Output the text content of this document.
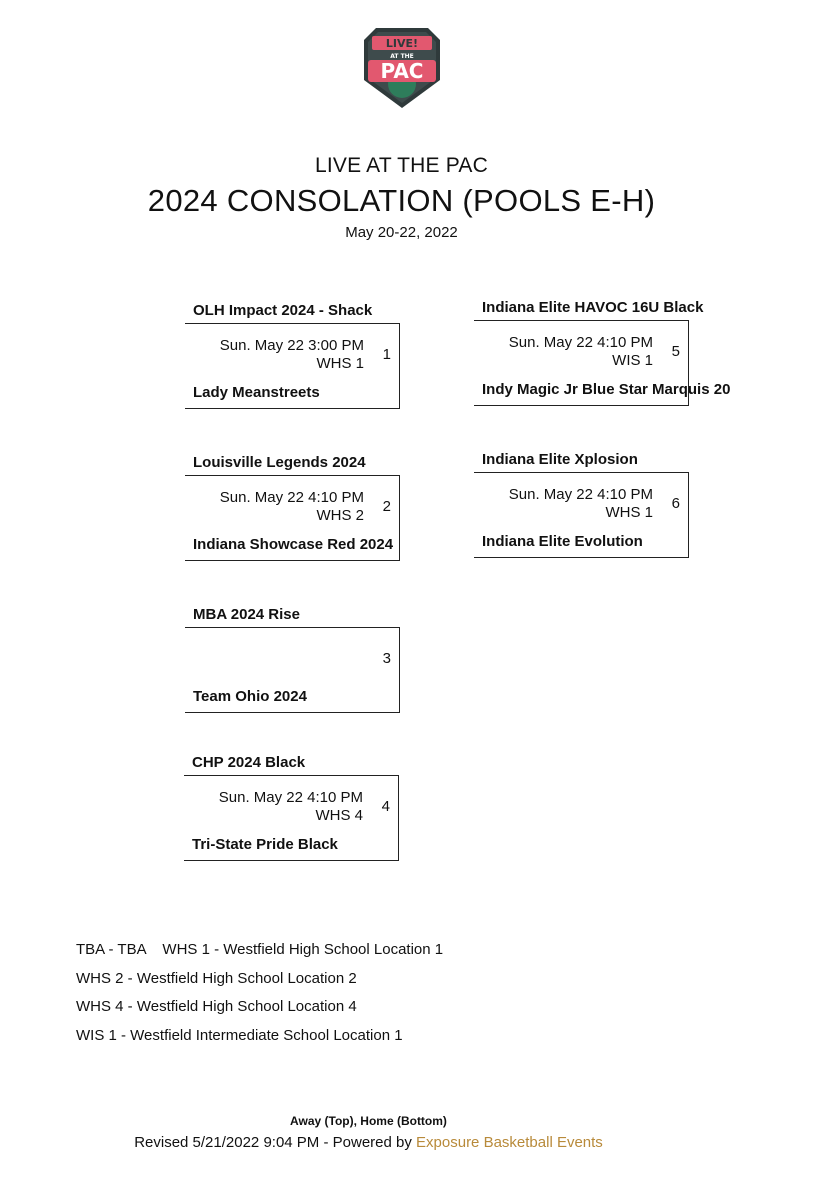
LIVE!
AT THE
PAC
LIVE AT THE PAC
2024 CONSOLATION (POOLS E-H)
May 20-22, 2022
OLH Impact 2024 - Shack
Sun. May 22 3:00 PM
WHS 1
1
Lady Meanstreets
Louisville Legends 2024
Sun. May 22 4:10 PM
WHS 2
2
Indiana Showcase Red 2024
MBA 2024 Rise

3
Team Ohio 2024
CHP 2024 Black
Sun. May 22 4:10 PM
WHS 4
4
Tri-State Pride Black
Indiana Elite HAVOC 16U Black
Sun. May 22 4:10 PM
WIS 1
5
Indy Magic Jr Blue Star Marquis 20
Indiana Elite Xplosion
Sun. May 22 4:10 PM
WHS 1
6
Indiana Elite Evolution
TBA - TBA    WHS 1 - Westfield High School Location 1
WHS 2 - Westfield High School Location 2
WHS 4 - Westfield High School Location 4
WIS 1 - Westfield Intermediate School Location 1
Away (Top), Home (Bottom)
Revised 5/21/2022 9:04 PM - Powered by Exposure Basketball Events
